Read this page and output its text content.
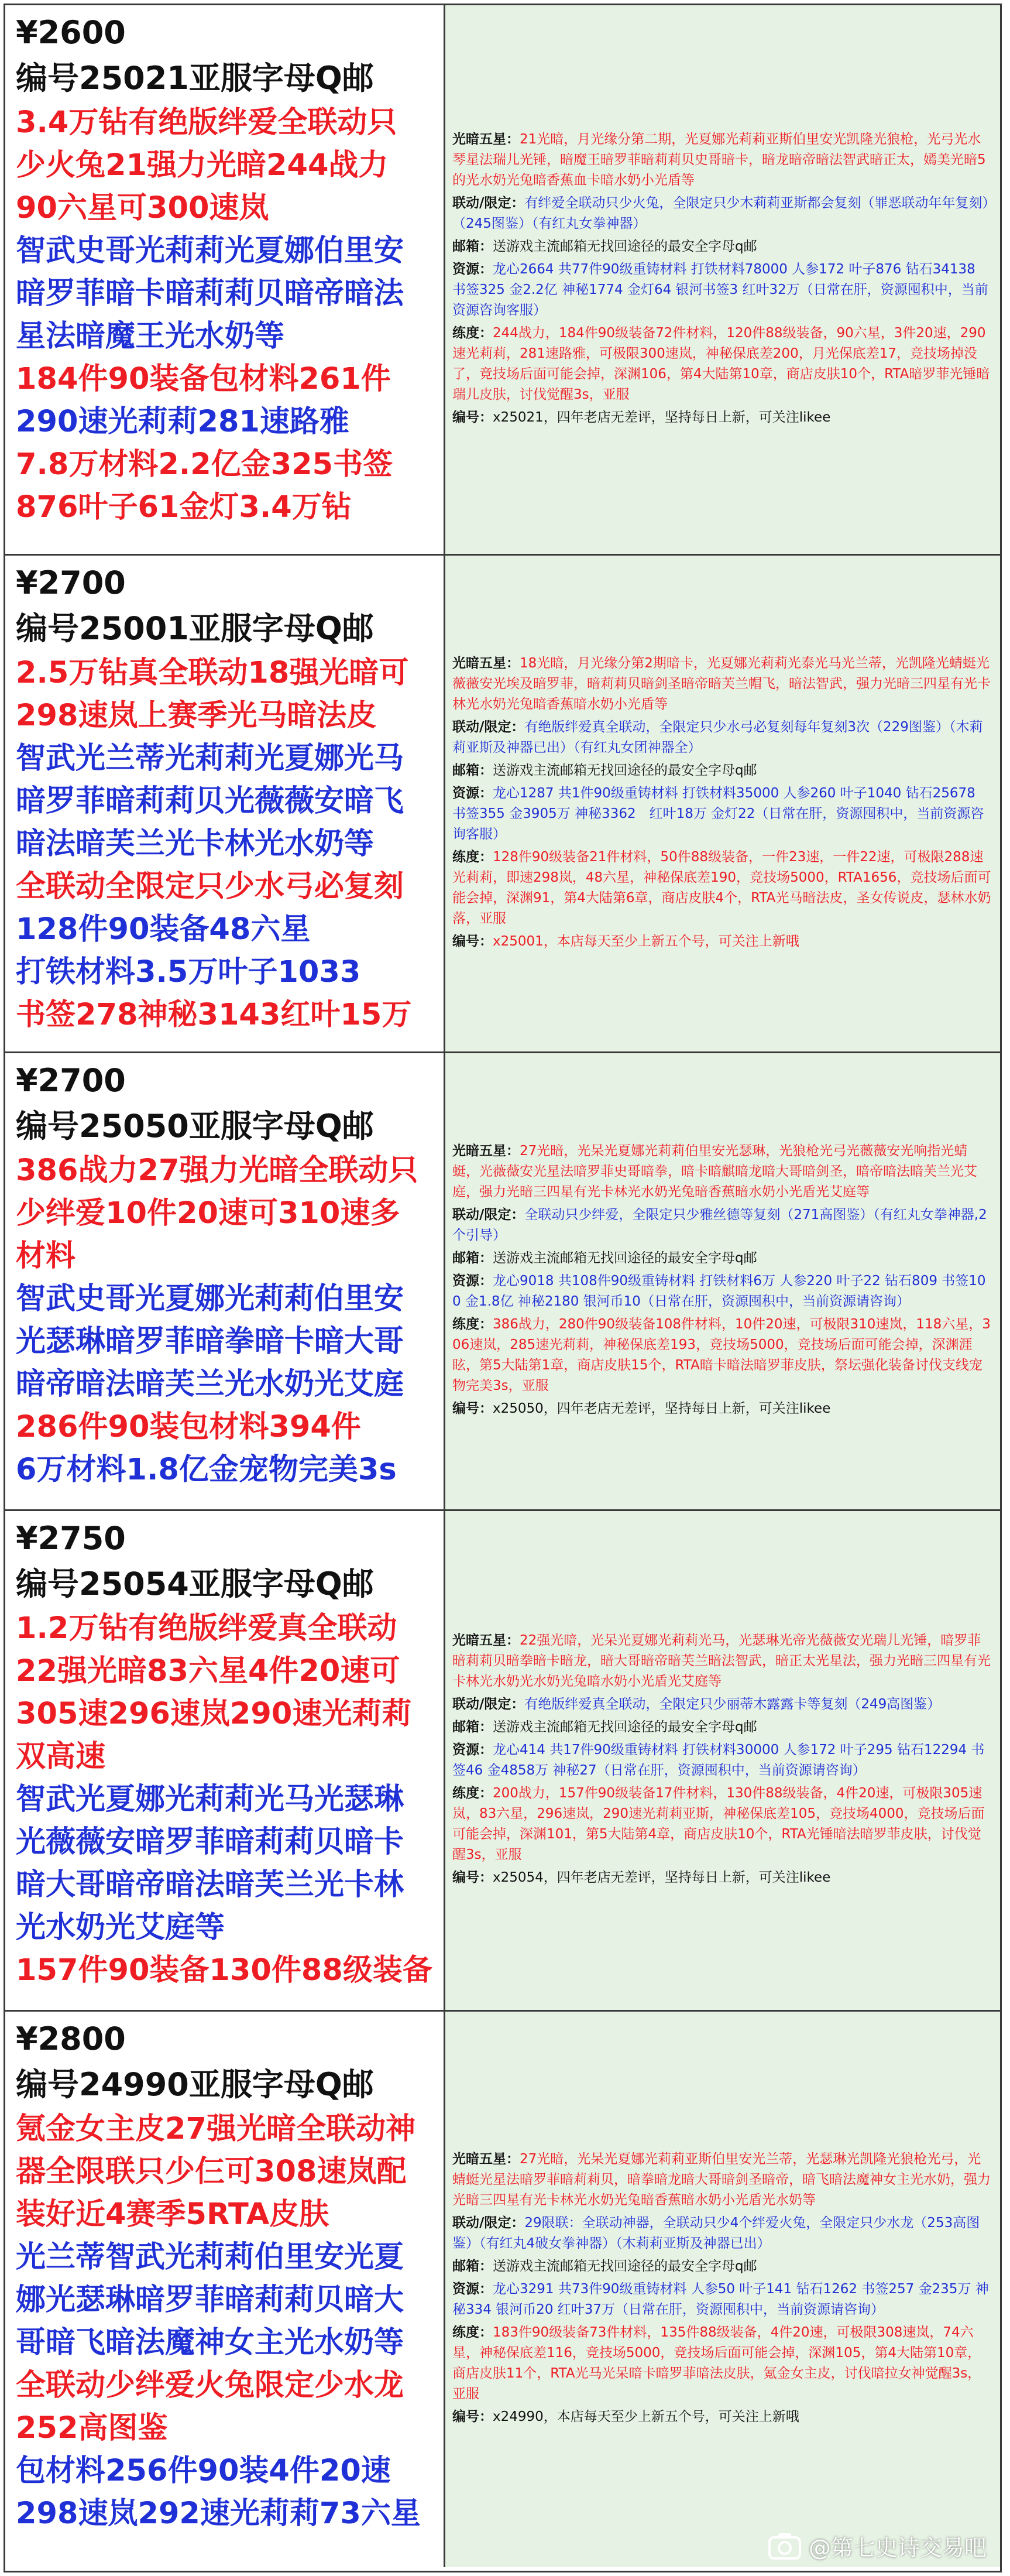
¥2600
编号25021亚服字母Q邮
3.4万钻有绝版绊爱全联动只
少火兔21强力光暗244战力
90六星可300速岚
智武史哥光莉莉光夏娜伯里安
暗罗菲暗卡暗莉莉贝暗帝暗法
星法暗魔王光水奶等
184件90装备包材料261件
290速光莉莉281速路雅
7.8万材料2.2亿金325书签
876叶子61金灯3.4万钻
光暗五星：21光暗，月光缘分第二期，光夏娜光莉莉亚斯伯里安光凯隆光狼枪，光弓光水琴星法瑞儿光锤，暗魔王暗罗菲暗莉莉贝史哥暗卡，暗龙暗帝暗法智武暗正太，嫣美光暗5的光水奶光兔暗香蕉血卡暗水奶小光盾等
联动/限定：有绊爱全联动只少火兔，全限定只少木莉莉亚斯都会复刻（罪恶联动年年复刻）（245图鉴）（有红丸女拳神器）
邮箱：送游戏主流邮箱无找回途径的最安全字母q邮
资源：龙心2664 共77件90级重铸材料 打铁材料78000 人参172 叶子876 钻石34138 书签325 金2.2亿 神秘1774 金灯64 银河书签3 红叶32万（日常在肝，资源囤积中，当前资源咨询客服）
练度：244战力，184件90级装备72件材料，120件88级装备，90六星，3件20速，290速光莉莉，281速路雅，可极限300速岚，神秘保底差200，月光保底差17，竞技场掉没了，竞技场后面可能会掉，深渊106，第4大陆第10章，商店皮肤10个，RTA暗罗菲光锤暗瑞儿皮肤，讨伐觉醒3s，亚服
编号：x25021，四年老店无差评，坚持每日上新，可关注likee
¥2700
编号25001亚服字母Q邮
2.5万钻真全联动18强光暗可
298速岚上赛季光马暗法皮
智武光兰蒂光莉莉光夏娜光马
暗罗菲暗莉莉贝光薇薇安暗飞
暗法暗芙兰光卡林光水奶等
全联动全限定只少水弓必复刻
128件90装备48六星
打铁材料3.5万叶子1033
书签278神秘3143红叶15万
光暗五星：18光暗，月光缘分第2期暗卡，光夏娜光莉莉光泰光马光兰蒂，光凯隆光蜻蜓光薇薇安光埃及暗罗菲，暗莉莉贝暗剑圣暗帝暗芙兰帽飞，暗法智武，强力光暗三四星有光卡林光水奶光兔暗香蕉暗水奶小光盾等
联动/限定：有绝版绊爱真全联动，全限定只少水弓必复刻每年复刻3次（229图鉴）（木莉莉亚斯及神器已出）（有红丸女团神器全）
邮箱：送游戏主流邮箱无找回途径的最安全字母q邮
资源：龙心1287 共1件90级重铸材料 打铁材料35000 人参260 叶子1040 钻石25678 书签355 金3905万 神秘3362　红叶18万 金灯22（日常在肝，资源囤积中，当前资源咨询客服）
练度：128件90级装备21件材料，50件88级装备，一件23速，一件22速，可极限288速光莉莉，即速298岚，48六星，神秘保底差190，竞技场5000，RTA1656，竞技场后面可能会掉，深渊91，第4大陆第6章，商店皮肤4个，RTA光马暗法皮，圣女传说皮，瑟林水奶落，亚服
编号：x25001，本店每天至少上新五个号，可关注上新哦
¥2700
编号25050亚服字母Q邮
386战力27强力光暗全联动只
少绊爱10件20速可310速多
材料
智武史哥光夏娜光莉莉伯里安
光瑟琳暗罗菲暗拳暗卡暗大哥
暗帝暗法暗芙兰光水奶光艾庭
286件90装包材料394件
6万材料1.8亿金宠物完美3s
光暗五星：27光暗，光呆光夏娜光莉莉伯里安光瑟琳，光狼枪光弓光薇薇安光响指光蜻蜓，光薇薇安光星法暗罗菲史哥暗拳，暗卡暗麒暗龙暗大哥暗剑圣，暗帝暗法暗芙兰光艾庭，强力光暗三四星有光卡林光水奶光兔暗香蕉暗水奶小光盾光艾庭等
联动/限定：全联动只少绊爱，全限定只少雅丝德等复刻（271高图鉴）（有红丸女拳神器,2个引导）
邮箱：送游戏主流邮箱无找回途径的最安全字母q邮
资源：龙心9018 共108件90级重铸材料 打铁材料6万 人参220 叶子22 钻石809 书签100 金1.8亿 神秘2180 银河币10（日常在肝，资源囤积中，当前资源请咨询）
练度：386战力，280件90级装备108件材料，10件20速，可极限310速岚，118六星，306速岚，285速光莉莉，神秘保底差193，竞技场5000，竞技场后面可能会掉，深渊涯眩，第5大陆第1章，商店皮肤15个，RTA暗卡暗法暗罗菲皮肤，祭坛强化装备讨伐支线宠物完美3s，亚服
编号：x25050，四年老店无差评，坚持每日上新，可关注likee
¥2750
编号25054亚服字母Q邮
1.2万钻有绝版绊爱真全联动
22强光暗83六星4件20速可
305速296速岚290速光莉莉
双高速
智武光夏娜光莉莉光马光瑟琳
光薇薇安暗罗菲暗莉莉贝暗卡
暗大哥暗帝暗法暗芙兰光卡林
光水奶光艾庭等
157件90装备130件88级装备
光暗五星：22强光暗，光呆光夏娜光莉莉光马，光瑟琳光帝光薇薇安光瑞儿光锤，暗罗菲暗莉莉贝暗拳暗卡暗龙，暗大哥暗帝暗芙兰暗法智武，暗正太光星法，强力光暗三四星有光卡林光水奶光水奶光兔暗水奶小光盾光艾庭等
联动/限定：有绝版绊爱真全联动，全限定只少丽蒂木露露卡等复刻（249高图鉴）
邮箱：送游戏主流邮箱无找回途径的最安全字母q邮
资源：龙心414 共17件90级重铸材料 打铁材料30000 人参172 叶子295 钻石12294 书签46 金4858万 神秘27（日常在肝，资源囤积中，当前资源请咨询）
练度：200战力，157件90级装备17件材料，130件88级装备，4件20速，可极限305速岚，83六星，296速岚，290速光莉莉亚斯，神秘保底差105，竞技场4000，竞技场后面可能会掉，深渊101，第5大陆第4章，商店皮肤10个，RTA光锤暗法暗罗菲皮肤，讨伐觉醒3s，亚服
编号：x25054，四年老店无差评，坚持每日上新，可关注likee
¥2800
编号24990亚服字母Q邮
氪金女主皮27强光暗全联动神
器全限联只少仨可308速岚配
装好近4赛季5RTA皮肤
光兰蒂智武光莉莉伯里安光夏
娜光瑟琳暗罗菲暗莉莉贝暗大
哥暗飞暗法魔神女主光水奶等
全联动少绊爱火兔限定少水龙
252高图鉴
包材料256件90装4件20速
298速岚292速光莉莉73六星
光暗五星：27光暗，光呆光夏娜光莉莉亚斯伯里安光兰蒂，光瑟琳光凯隆光狼枪光弓，光蜻蜓光星法暗罗菲暗莉莉贝，暗拳暗龙暗大哥暗剑圣暗帝，暗飞暗法魔神女主光水奶，强力光暗三四星有光卡林光水奶光兔暗香蕉暗水奶小光盾光水奶等
联动/限定：29限联：全联动神器，全联动只少4个绊爱火兔，全限定只少水龙（253高图鉴）（有红丸4破女拳神器）（木莉莉亚斯及神器已出）
邮箱：送游戏主流邮箱无找回途径的最安全字母q邮
资源：龙心3291 共73件90级重铸材料 人参50 叶子141 钻石1262 书签257 金235万 神秘334 银河币20 红叶37万（日常在肝，资源囤积中，当前资源请咨询）
练度：183件90级装备73件材料，135件88级装备，4件20速，可极限308速岚，74六星，神秘保底差116，竞技场5000，竞技场后面可能会掉，深渊105，第4大陆第10章，商店皮肤11个，RTA光马光呆暗卡暗罗菲暗法皮肤，氪金女主皮，讨伐暗拉女神觉醒3s，亚服
编号：x24990，本店每天至少上新五个号，可关注上新哦
@第七史诗交易吧
